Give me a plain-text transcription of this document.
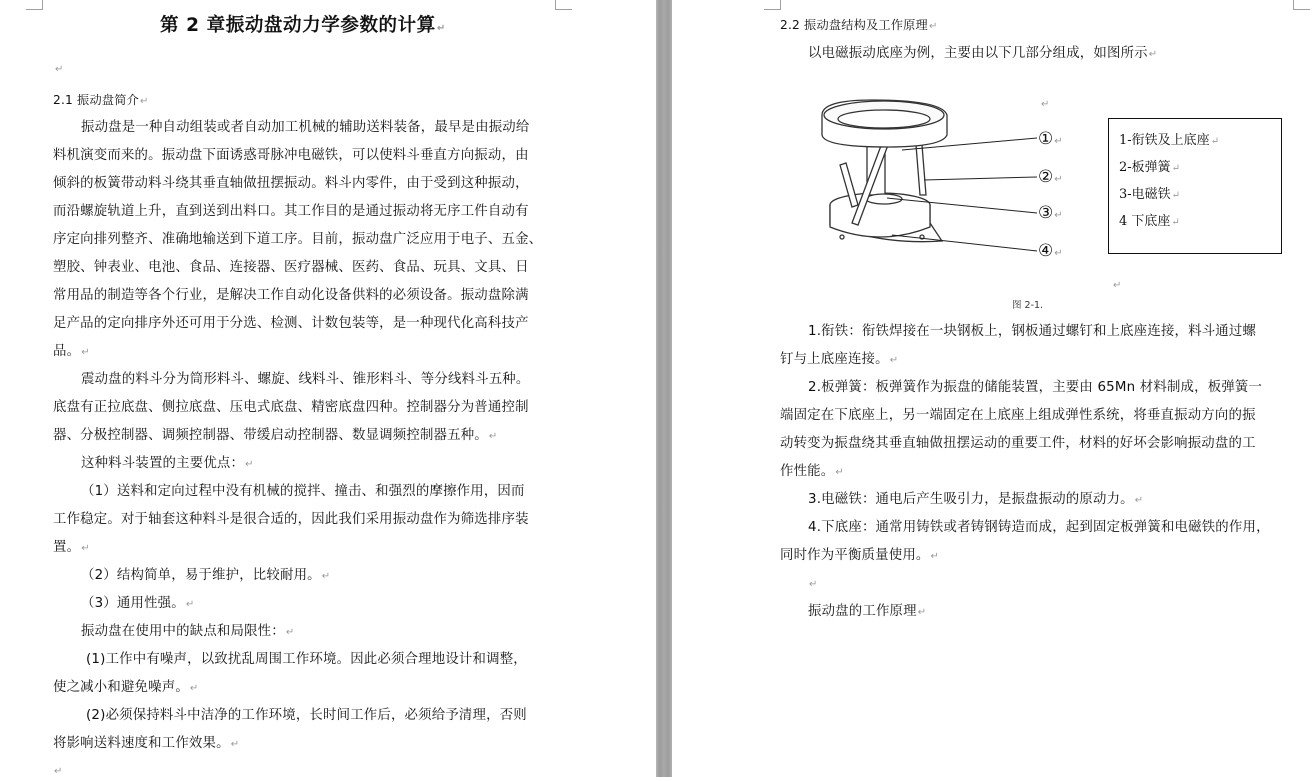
第 2 章振动盘动力学参数的计算↵
↵
2.1 振动盘简介↵
振动盘是一种自动组装或者自动加工机械的辅助送料装备，最早是由振动给
料机演变而来的。振动盘下面诱惑哥脉冲电磁铁，可以使料斗垂直方向振动，由
倾斜的板簧带动料斗绕其垂直轴做扭摆振动。料斗内零件，由于受到这种振动，
而沿螺旋轨道上升，直到送到出料口。其工作目的是通过振动将无序工件自动有
序定向排列整齐、准确地输送到下道工序。目前，振动盘广泛应用于电子、五金、
塑胶、钟表业、电池、食品、连接器、医疗器械、医药、食品、玩具、文具、日
常用品的制造等各个行业，是解决工作自动化设备供料的必须设备。振动盘除满
足产品的定向排序外还可用于分选、检测、计数包装等，是一种现代化高科技产
品。↵
震动盘的料斗分为筒形料斗、螺旋、线料斗、锥形料斗、等分线料斗五种。
底盘有正拉底盘、侧拉底盘、压电式底盘、精密底盘四种。控制器分为普通控制
器、分极控制器、调频控制器、带缓启动控制器、数显调频控制器五种。↵
这种料斗装置的主要优点：↵
（1）送料和定向过程中没有机械的搅拌、撞击、和强烈的摩擦作用，因而
工作稳定。对于轴套这种料斗是很合适的，因此我们采用振动盘作为筛选排序装
置。↵
（2）结构简单，易于维护，比较耐用。↵
（3）通用性强。↵
振动盘在使用中的缺点和局限性：↵
(1)工作中有噪声，以致扰乱周围工作环境。因此必须合理地设计和调整，
使之减小和避免噪声。↵
(2)必须保持料斗中洁净的工作环境，长时间工作后，必须给予清理，否则
将影响送料速度和工作效果。↵
↵
2.2 振动盘结构及工作原理↵
以电磁振动底座为例，主要由以下几部分组成，如图所示↵
①↵
②↵
③↵
④↵
↵
1-衔铁及上底座↵
2-板弹簧↵
3-电磁铁↵
4 下底座↵
↵
图 2-1.
1.衔铁：衔铁焊接在一块钢板上，钢板通过螺钉和上底座连接，料斗通过螺
钉与上底座连接。↵
2.板弹簧：板弹簧作为振盘的储能装置，主要由 65Mn 材料制成，板弹簧一
端固定在下底座上，另一端固定在上底座上组成弹性系统，将垂直振动方向的振
动转变为振盘绕其垂直轴做扭摆运动的重要工件，材料的好坏会影响振动盘的工
作性能。↵
3.电磁铁：通电后产生吸引力，是振盘振动的原动力。↵
4.下底座：通常用铸铁或者铸钢铸造而成，起到固定板弹簧和电磁铁的作用，
同时作为平衡质量使用。↵
↵
振动盘的工作原理↵
